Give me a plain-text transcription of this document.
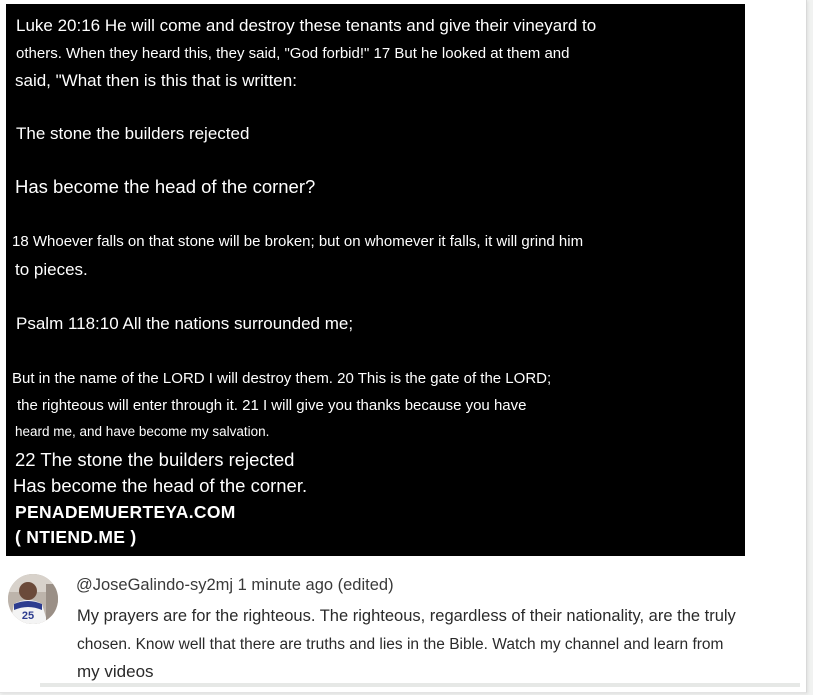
Luke 20:16 He will come and destroy these tenants and give their vineyard to
others. When they heard this, they said, "God forbid!" 17 But he looked at them and
said, "What then is this that is written:
The stone the builders rejected
Has become the head of the corner?
18 Whoever falls on that stone will be broken; but on whomever it falls, it will grind him
to pieces.
Psalm 118:10 All the nations surrounded me;
But in the name of the LORD I will destroy them. 20 This is the gate of the LORD;
the righteous will enter through it. 21 I will give you thanks because you have
heard me, and have become my salvation.
22 The stone the builders rejected
Has become the head of the corner.
PENADEMUERTEYA.COM
( NTIEND.ME )
25
@JoseGalindo-sy2mj 1 minute ago (edited)
My prayers are for the righteous. The righteous, regardless of their nationality, are the truly
chosen. Know well that there are truths and lies in the Bible. Watch my channel and learn from
my videos
